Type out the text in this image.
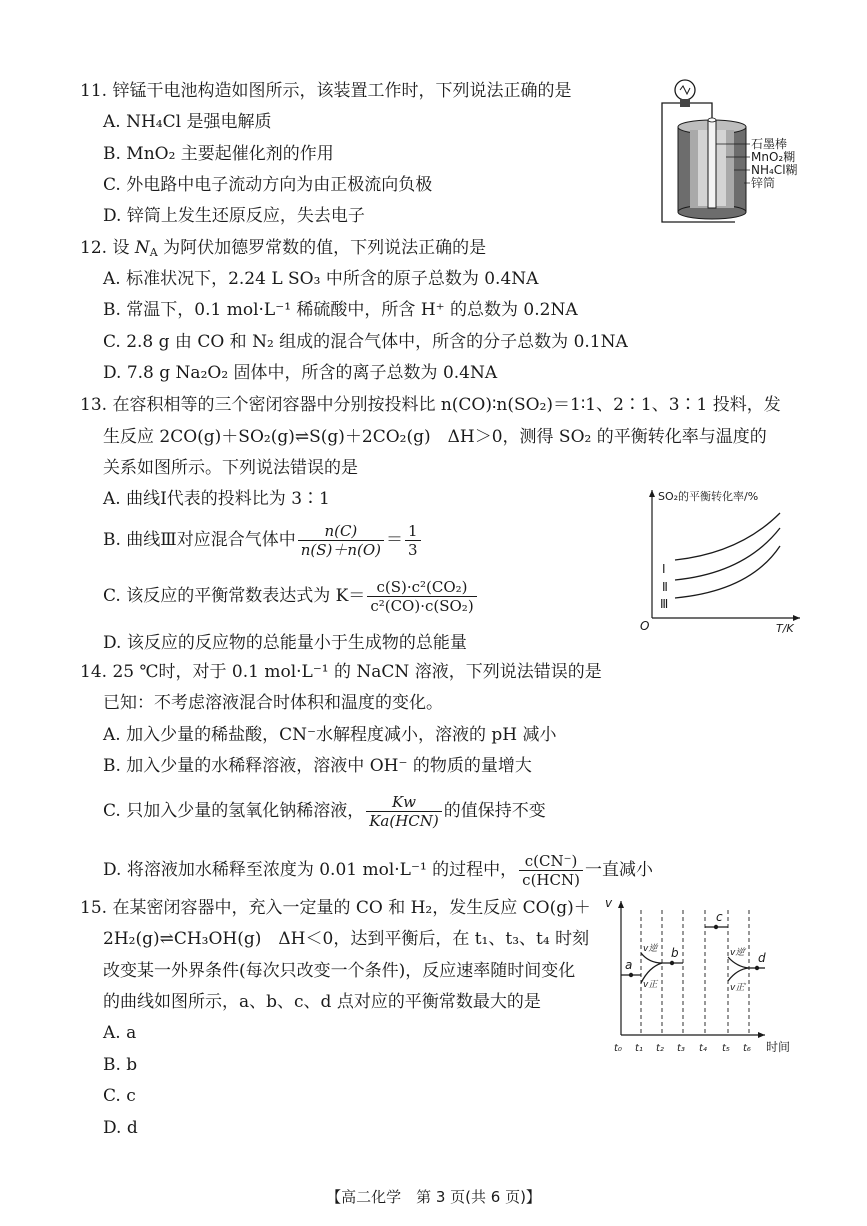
11. 锌锰干电池构造如图所示，该装置工作时，下列说法正确的是
A. NH₄Cl 是强电解质
B. MnO₂ 主要起催化剂的作用
C. 外电路中电子流动方向为由正极流向负极
D. 锌筒上发生还原反应，失去电子
石墨棒
MnO₂糊
NH₄Cl糊
锌筒
12. 设 $N_A$ 为阿伏加德罗常数的值，下列说法正确的是
A. 标准状况下，2.24 L SO₃ 中所含的原子总数为 0.4NA
B. 常温下，0.1 mol·L⁻¹ 稀硫酸中，所含 H⁺ 的总数为 0.2NA
C. 2.8 g 由 CO 和 N₂ 组成的混合气体中，所含的分子总数为 0.1NA
D. 7.8 g Na₂O₂ 固体中，所含的离子总数为 0.4NA
13. 在容积相等的三个密闭容器中分别按投料比 n(CO)∶n(SO₂)＝1∶1、2∶1、3∶1 投料，发
生反应 2CO(g)＋SO₂(g)⇌S(g)＋2CO₂(g)　ΔH＞0，测得 SO₂ 的平衡转化率与温度的
关系如图所示。下列说法错误的是
A. 曲线Ⅰ代表的投料比为 3∶1
B. 曲线Ⅲ对应混合气体中 $\frac{n(C)}{n(S)+n(O)} = \frac{1}{3}$
C. 该反应的平衡常数表达式为 $K= \frac{\text{c(S)·c²(CO₂)}}{\text{c²(CO)·c(SO₂)}}$
D. 该反应的反应物的总能量小于生成物的总能量
SO₂的平衡转化率/%
T/K
O
Ⅰ
Ⅱ
Ⅲ
14. 25 ℃时，对于 0.1 mol·L⁻¹ 的 NaCN 溶液，下列说法错误的是
已知：不考虑溶液混合时体积和温度的变化。
A. 加入少量的稀盐酸，CN⁻水解程度减小，溶液的 pH 减小
B. 加入少量的水稀释溶液，溶液中 OH⁻ 的物质的量增大
C. 只加入少量的氢氧化钠稀溶液， $\frac{Kw}{\text{Ka(HCN)}}$ 的值保持不变
D. 将溶液加水稀释至浓度为 0.01 mol·L⁻¹ 的过程中， $\frac{c(CN^-)}{\text{c(HCN)}}$ 一直减小
15. 在某密闭容器中，充入一定量的 CO 和 H₂，发生反应 CO(g)＋
2H₂(g)⇌CH₃OH(g)　ΔH＜0，达到平衡后，在 t₁、t₃、t₄ 时刻
改变某一外界条件(每次只改变一个条件)，反应速率随时间变化
的曲线如图所示，a、b、c、d 点对应的平衡常数最大的是
A. a
B. b
C. c
D. d
v
时间
a
b
c
d
v逆
v正
v逆′
v正′
t₀ t₁ t₂ t₃ t₄ t₅ t₆
【高二化学　第 3 页(共 6 页)】
